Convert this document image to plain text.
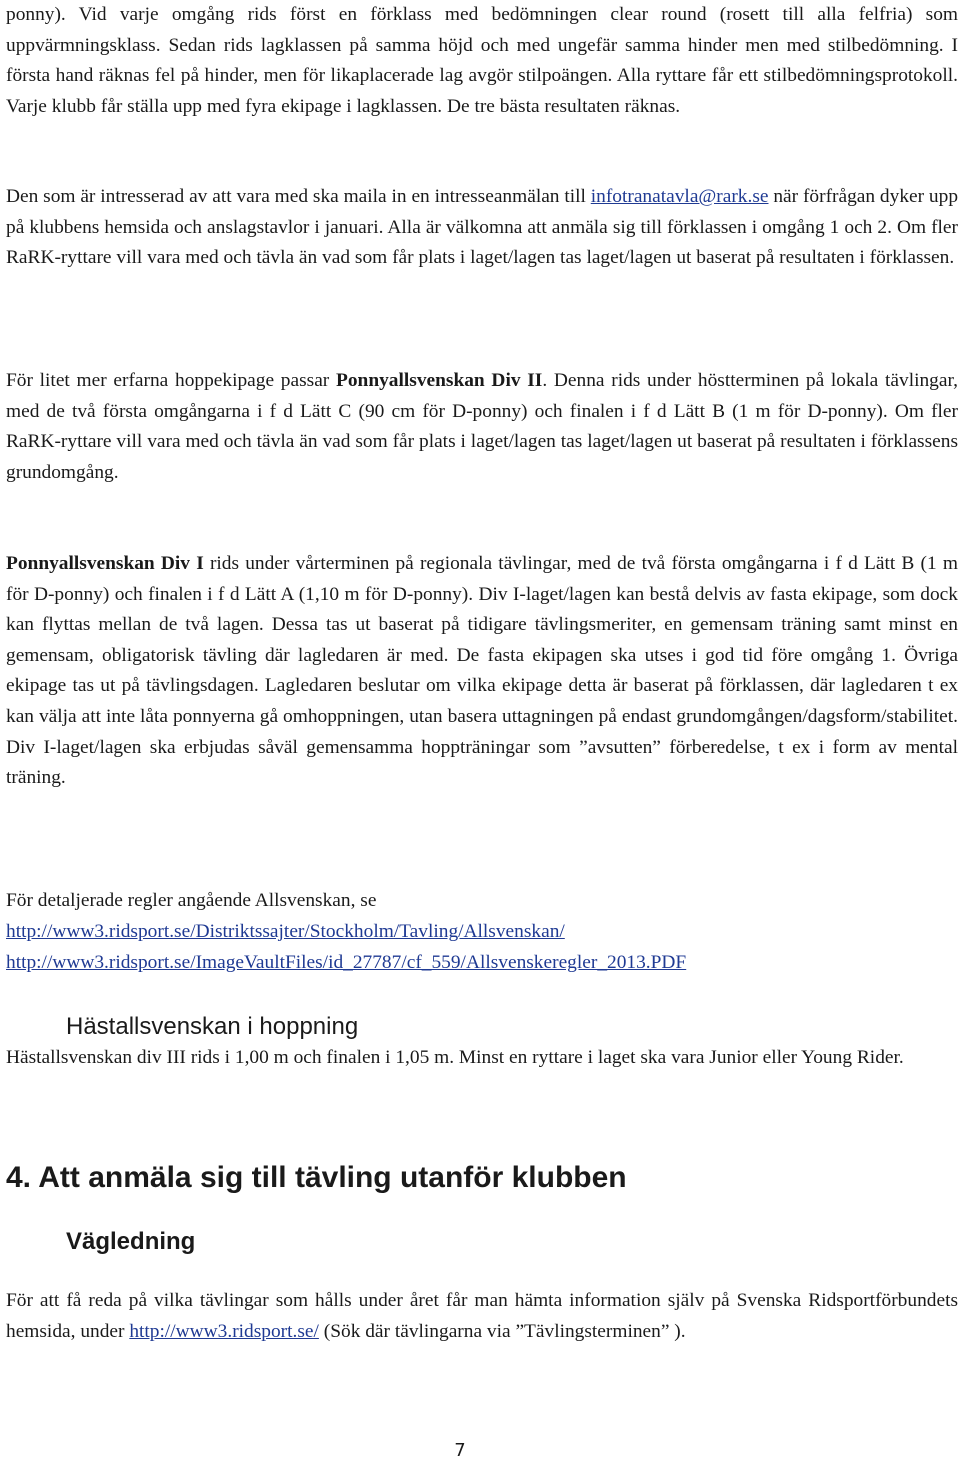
ponny). Vid varje omgång rids först en förklass med bedömningen clear round (rosett till alla felfria) som uppvärmningsklass. Sedan rids lagklassen på samma höjd och med ungefär samma hinder men med stilbedömning. I första hand räknas fel på hinder, men för likaplacerade lag avgör stilpoängen. Alla ryttare får ett stilbedömningsprotokoll. Varje klubb får ställa upp med fyra ekipage i lagklassen. De tre bästa resultaten räknas.

Den som är intresserad av att vara med ska maila in en intresseanmälan till infotranatavla@rark.se när förfrågan dyker upp på klubbens hemsida och anslagstavlor i januari. Alla är välkomna att anmäla sig till förklassen i omgång 1 och 2. Om fler RaRK-ryttare vill vara med och tävla än vad som får plats i laget/lagen tas laget/lagen ut baserat på resultaten i förklassen.

För litet mer erfarna hoppekipage passar Ponnyallsvenskan Div II. Denna rids under höstterminen på lokala tävlingar, med de två första omgångarna i f d Lätt C (90 cm för D-ponny) och finalen i f d Lätt B (1 m för D-ponny). Om fler RaRK-ryttare vill vara med och tävla än vad som får plats i laget/lagen tas laget/lagen ut baserat på resultaten i förklassens grundomgång.

Ponnyallsvenskan Div I rids under vårterminen på regionala tävlingar, med de två första omgångarna i f d Lätt B (1 m för D-ponny) och finalen i f d Lätt A (1,10 m för D-ponny). Div I-laget/lagen kan bestå delvis av fasta ekipage, som dock kan flyttas mellan de två lagen. Dessa tas ut baserat på tidigare tävlingsmeriter, en gemensam träning samt minst en gemensam, obligatorisk tävling där lagledaren är med. De fasta ekipagen ska utses i god tid före omgång 1. Övriga ekipage tas ut på tävlingsdagen. Lagledaren beslutar om vilka ekipage detta är baserat på förklassen, där lagledaren t ex kan välja att inte låta ponnyerna gå omhoppningen, utan basera uttagningen på endast grundomgången/dagsform/stabilitet. Div I-laget/lagen ska erbjudas såväl gemensamma hoppträningar som ”avsutten” förberedelse, t ex i form av mental träning.

För detaljerade regler angående Allsvenskan, se

http://www3.ridsport.se/Distriktssajter/Stockholm/Tavling/Allsvenskan/
http://www3.ridsport.se/ImageVaultFiles/id_27787/cf_559/Allsvenskeregler_2013.PDF
Hästallsvenskan i hoppning

Hästallsvenskan div III rids i 1,00 m och finalen i 1,05 m. Minst en ryttare i laget ska vara Junior eller Young Rider.

4. Att anmäla sig till tävling utanför klubben
Vägledning

För att få reda på vilka tävlingar som hålls under året får man hämta information själv på Svenska Ridsportförbundets hemsida, under http://www3.ridsport.se/ (Sök där tävlingarna via ”Tävlingsterminen” ).

7
